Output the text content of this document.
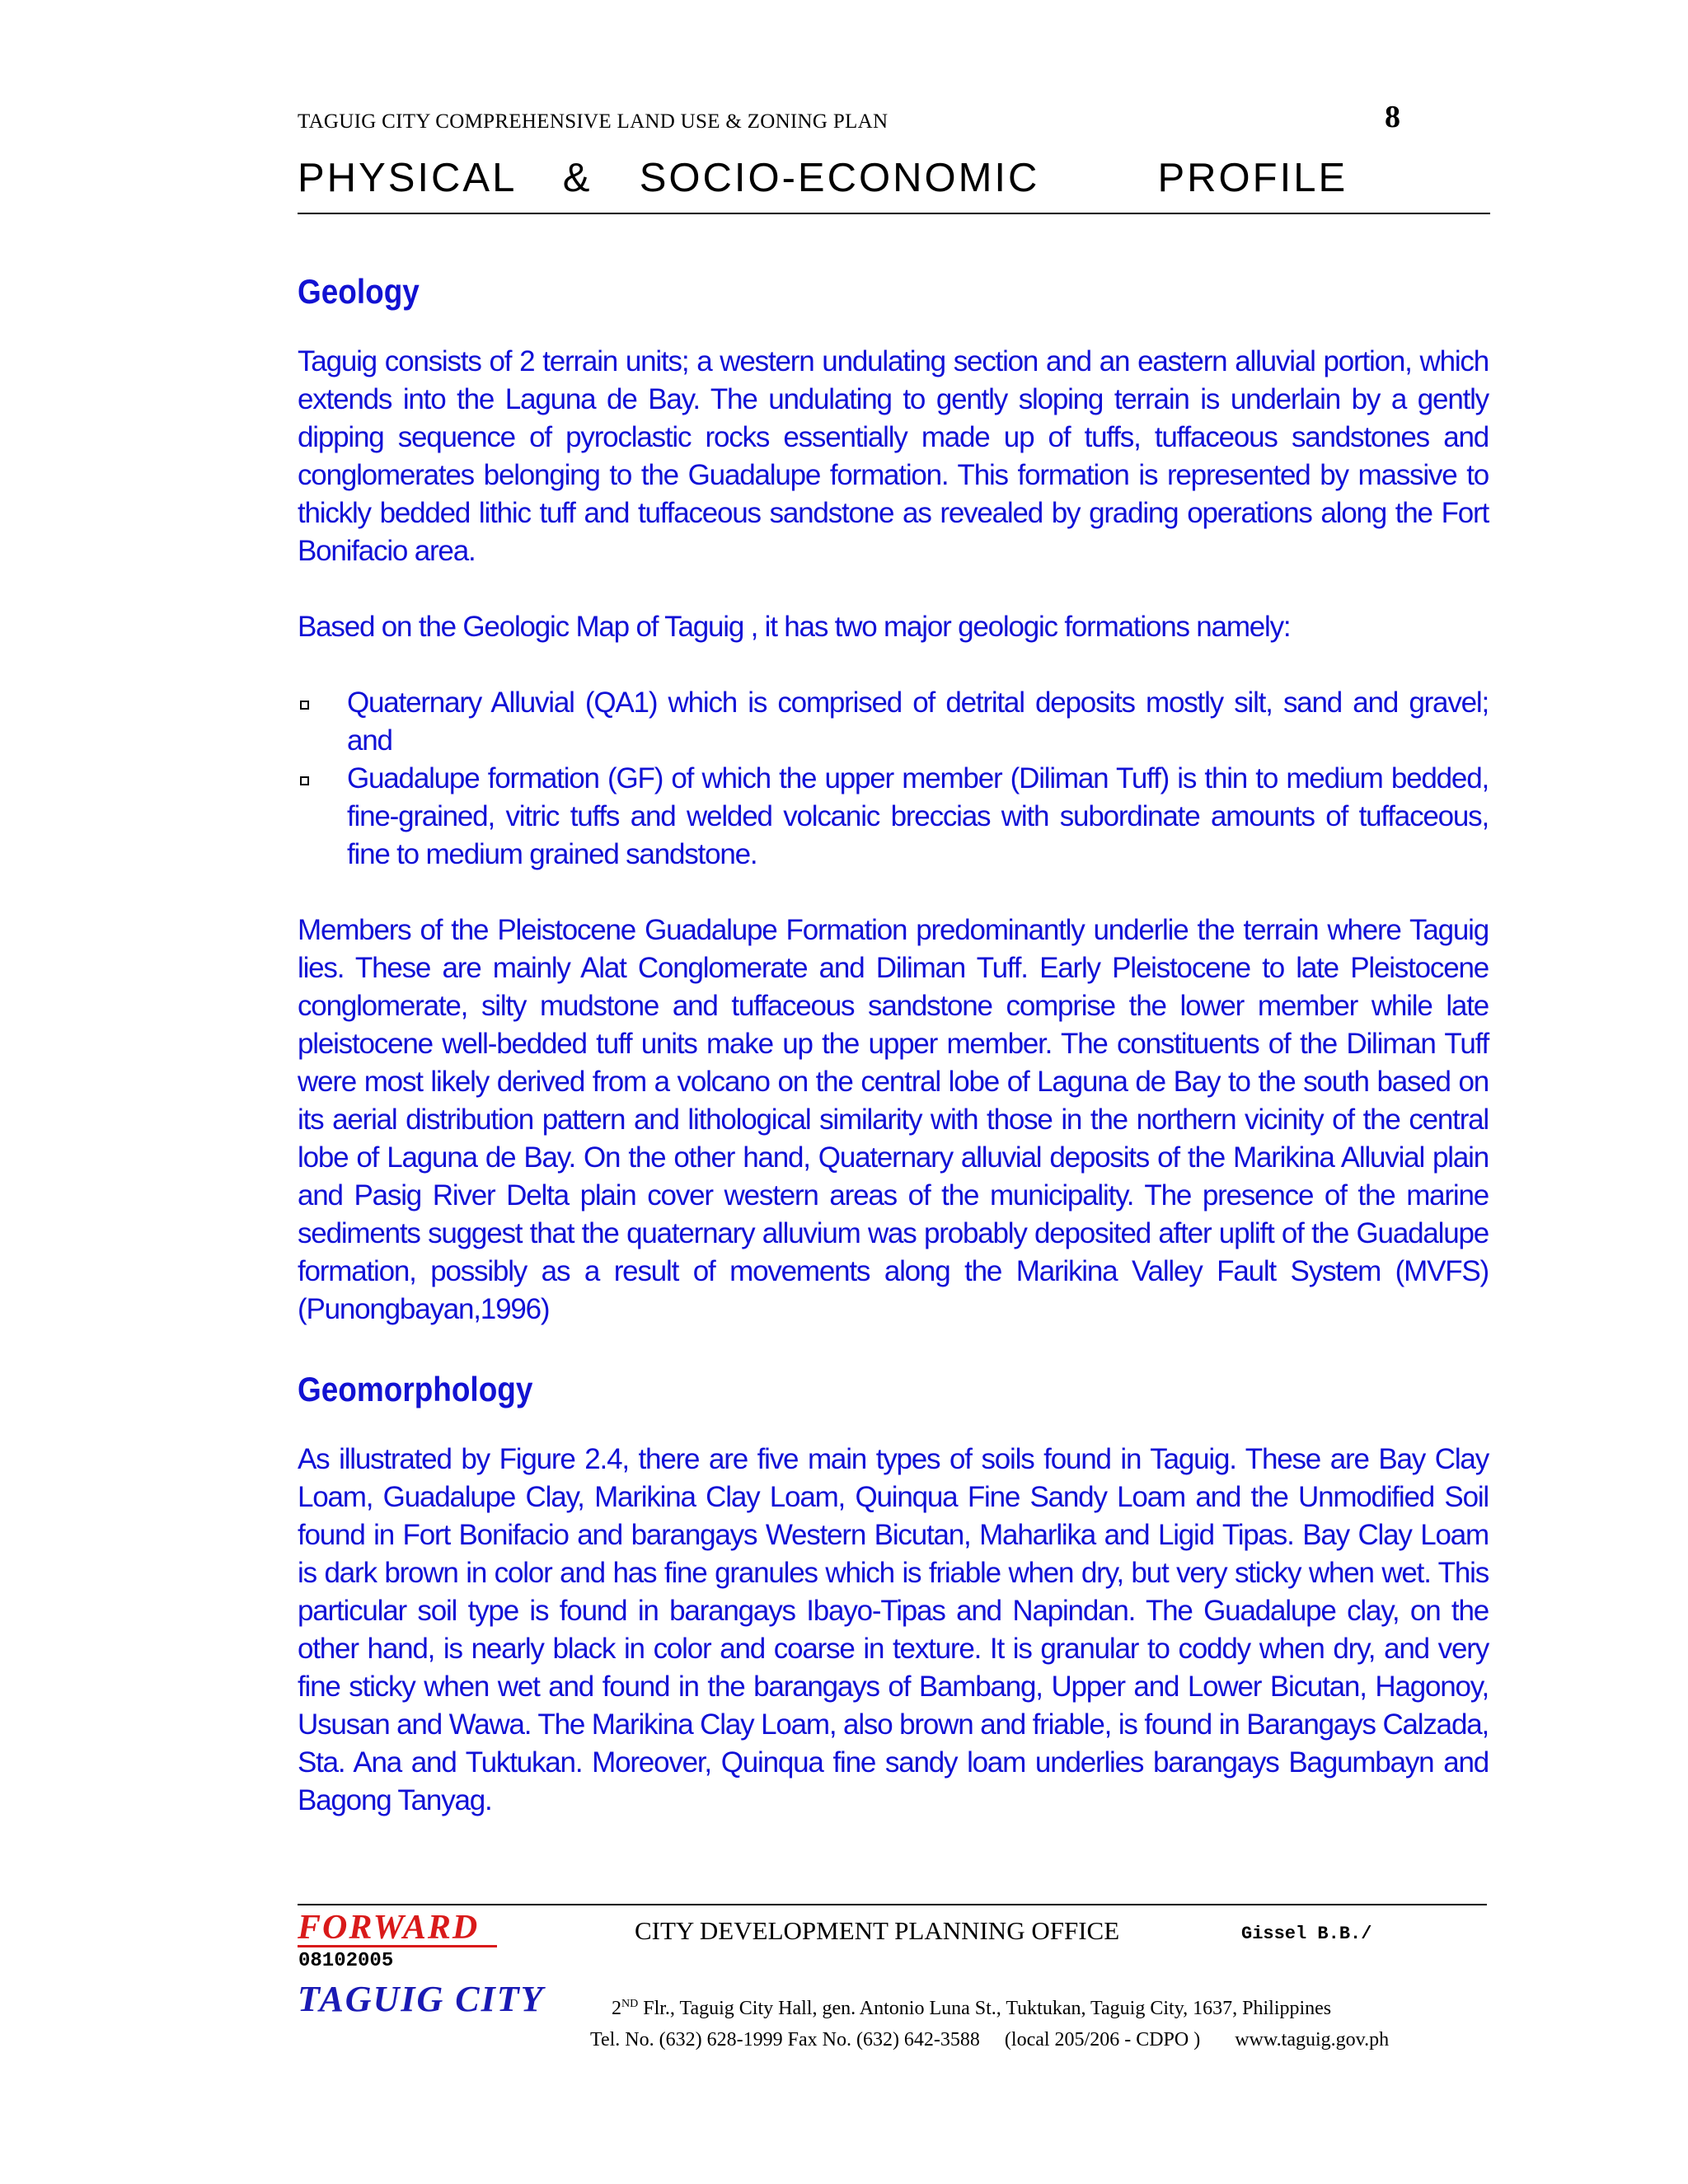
TAGUIG CITY COMPREHENSIVE LAND USE & ZONING PLAN	8
PHYSICAL  &  SOCIO-ECONOMIC     PROFILE
Geology

Taguig consists of 2 terrain units; a western undulating section and an eastern alluvial portion, which extends into the Laguna de Bay. The undulating to gently sloping terrain is underlain by a gently dipping sequence of pyroclastic rocks essentially made up of tuffs, tuffaceous sandstones and conglomerates belonging to the Guadalupe formation. This formation is represented by massive to thickly bedded lithic tuff and tuffaceous sandstone as revealed by grading operations along the Fort Bonifacio area.

Based on the Geologic Map of Taguig , it has two major geologic formations namely:

Quaternary Alluvial (QA1) which is comprised of detrital deposits mostly silt, sand and gravel; and
Guadalupe formation (GF) of which the upper member (Diliman Tuff) is thin to medium bedded, fine-grained, vitric tuffs and welded volcanic breccias with subordinate amounts of tuffaceous, fine to medium grained sandstone.

Members of the Pleistocene Guadalupe Formation predominantly underlie the terrain where Taguig lies. These are mainly Alat Conglomerate and Diliman Tuff. Early Pleistocene to late Pleistocene conglomerate, silty mudstone and tuffaceous sandstone comprise the lower member while late pleistocene well-bedded tuff units make up the upper member. The constituents of the Diliman Tuff were most likely derived from a volcano on the central lobe of Laguna de Bay to the south based on its aerial distribution pattern and lithological similarity with those in the northern vicinity of the central lobe of Laguna de Bay. On the other hand, Quaternary alluvial deposits of the Marikina Alluvial plain and Pasig River Delta plain cover western areas of the municipality. The presence of the marine sediments suggest that the quaternary alluvium was probably deposited after uplift of the Guadalupe formation, possibly as a result of movements along the Marikina Valley Fault System (MVFS) (Punongbayan,1996)

Geomorphology

As illustrated by Figure 2.4, there are five main types of soils found in Taguig. These are Bay Clay Loam, Guadalupe Clay, Marikina Clay Loam, Quinqua Fine Sandy Loam and the Unmodified Soil found in Fort Bonifacio and barangays Western Bicutan, Maharlika and Ligid Tipas. Bay Clay Loam is dark brown in color and has fine granules which is friable when dry, but very sticky when wet. This particular soil type is found in barangays Ibayo-Tipas and Napindan. The Guadalupe clay, on the other hand, is nearly black in color and coarse in texture. It is granular to coddy when dry, and very fine sticky when wet and found in the barangays of Bambang, Upper and Lower Bicutan, Hagonoy, Ususan and Wawa. The Marikina Clay Loam, also brown and friable, is found in Barangays Calzada, Sta. Ana and Tuktukan. Moreover, Quinqua fine sandy loam underlies barangays Bagumbayn and Bagong Tanyag.

FORWARD
08102005
TAGUIG CITY
CITY DEVELOPMENT PLANNING OFFICE	Gissel B.B./
2ND Flr., Taguig City Hall, gen. Antonio Luna St., Tuktukan, Taguig City, 1637, Philippines
Tel. No. (632) 628-1999 Fax No. (632) 642-3588     (local 205/206 - CDPO )       www.taguig.gov.ph
